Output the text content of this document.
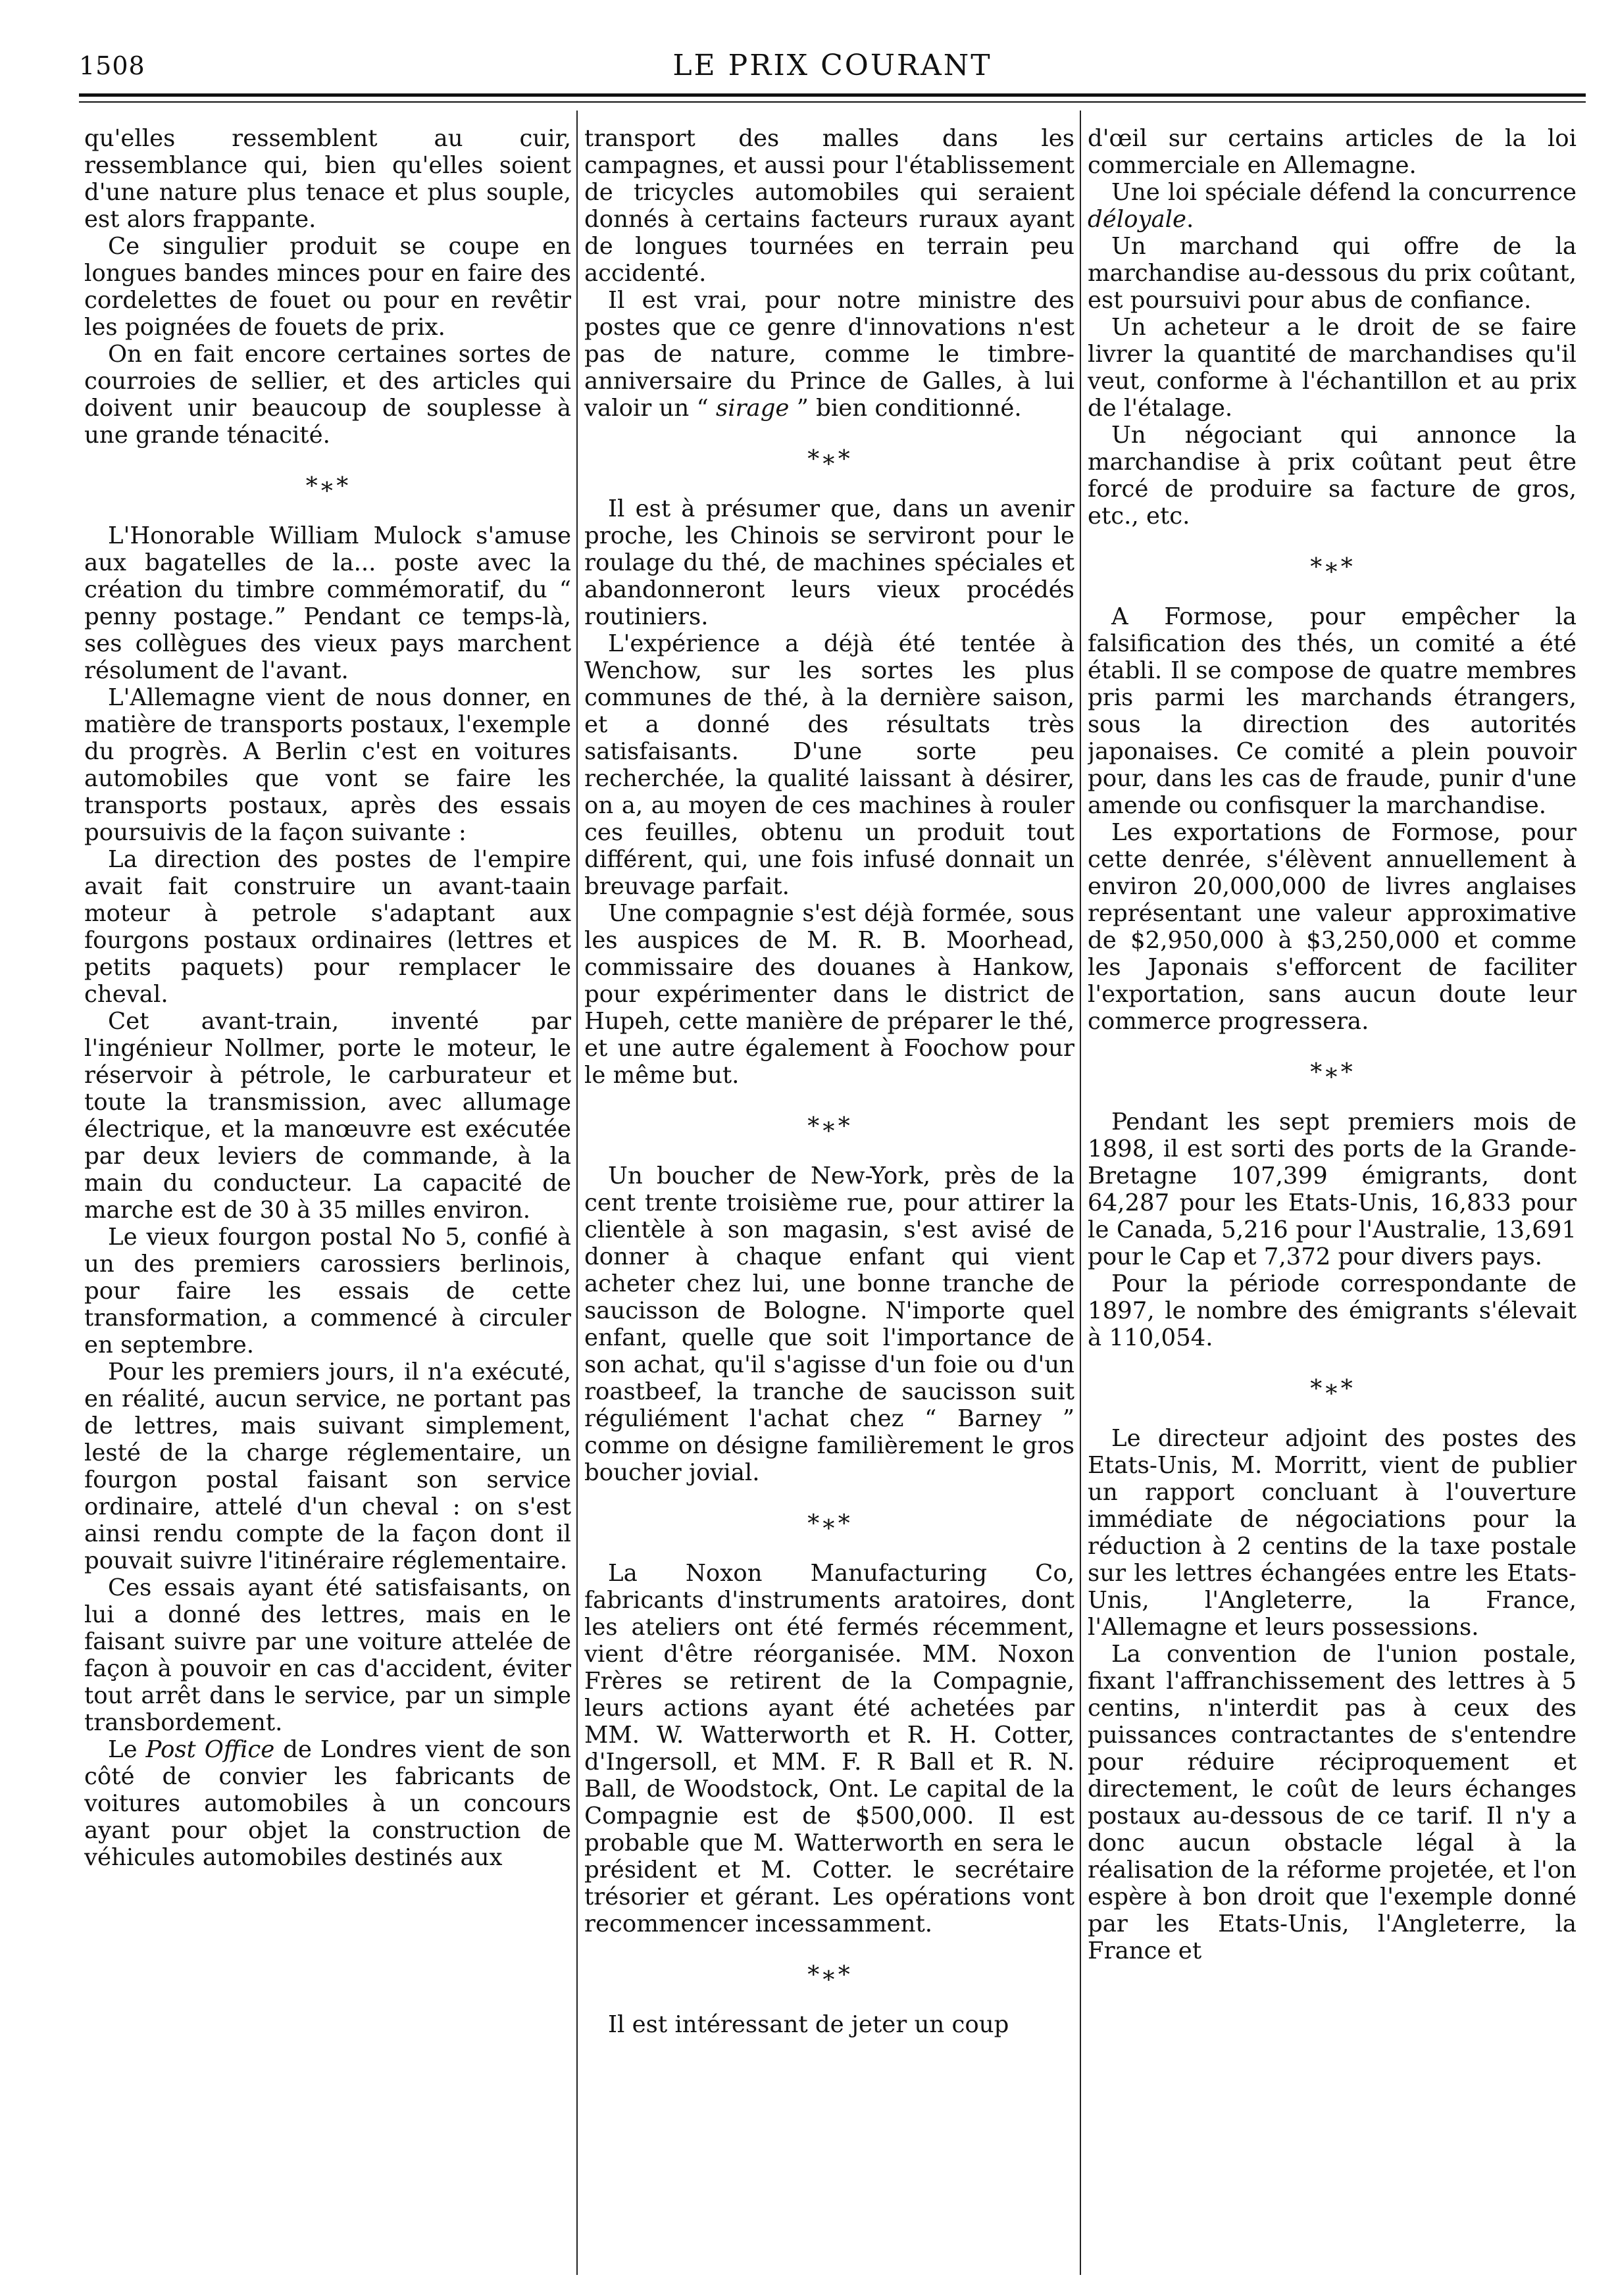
1508	LE PRIX COURANT

qu'elles ressemblent au cuir, ressemblance qui, bien qu'elles soient d'une nature plus tenace et plus souple, est alors frappante.

Ce singulier produit se coupe en longues bandes minces pour en faire des cordelettes de fouet ou pour en revêtir les poignées de fouets de prix.

On en fait encore certaines sortes de courroies de sellier, et des articles qui doivent unir beaucoup de souplesse à une grande ténacité.

*∗*

L'Honorable William Mulock s'amuse aux bagatelles de la... poste avec la création du timbre commémoratif, du “ penny postage.” Pendant ce temps-là, ses collègues des vieux pays marchent résolument de l'avant.

L'Allemagne vient de nous donner, en matière de transports postaux, l'exemple du progrès. A Berlin c'est en voitures automobiles que vont se faire les transports postaux, après des essais poursuivis de la façon suivante :

La direction des postes de l'empire avait fait construire un avant-taain moteur à petrole s'adaptant aux fourgons postaux ordinaires (lettres et petits paquets) pour remplacer le cheval.

Cet avant-train, inventé par l'ingénieur Nollmer, porte le moteur, le réservoir à pétrole, le carburateur et toute la transmission, avec allumage électrique, et la manœuvre est exécutée par deux leviers de commande, à la main du conducteur. La capacité de marche est de 30 à 35 milles environ.

Le vieux fourgon postal No 5, confié à un des premiers carossiers berlinois, pour faire les essais de cette transformation, a commencé à circuler en septembre.

Pour les premiers jours, il n'a exécuté, en réalité, aucun service, ne portant pas de lettres, mais suivant simplement, lesté de la charge réglementaire, un fourgon postal faisant son service ordinaire, attelé d'un cheval : on s'est ainsi rendu compte de la façon dont il pouvait suivre l'itinéraire réglementaire.

Ces essais ayant été satisfaisants, on lui a donné des lettres, mais en le faisant suivre par une voiture attelée de façon à pouvoir en cas d'accident, éviter tout arrêt dans le service, par un simple transbordement.

Le Post Office de Londres vient de son côté de convier les fabricants de voitures automobiles à un concours ayant pour objet la construction de véhicules automobiles destinés aux

transport des malles dans les campagnes, et aussi pour l'établissement de tricycles automobiles qui seraient donnés à certains facteurs ruraux ayant de longues tournées en terrain peu accidenté.

Il est vrai, pour notre ministre des postes que ce genre d'innovations n'est pas de nature, comme le timbre-anniversaire du Prince de Galles, à lui valoir un “ sirage ” bien conditionné.

*∗*

Il est à présumer que, dans un avenir proche, les Chinois se serviront pour le roulage du thé, de machines spéciales et abandonneront leurs vieux procédés routiniers.

L'expérience a déjà été tentée à Wenchow, sur les sortes les plus communes de thé, à la dernière saison, et a donné des résultats très satisfaisants. D'une sorte peu recherchée, la qualité laissant à désirer, on a, au moyen de ces machines à rouler ces feuilles, obtenu un produit tout différent, qui, une fois infusé donnait un breuvage parfait.

Une compagnie s'est déjà formée, sous les auspices de M. R. B. Moorhead, commissaire des douanes à Hankow, pour expérimenter dans le district de Hupeh, cette manière de préparer le thé, et une autre également à Foochow pour le même but.

*∗*

Un boucher de New-York, près de la cent trente troisième rue, pour attirer la clientèle à son magasin, s'est avisé de donner à chaque enfant qui vient acheter chez lui, une bonne tranche de saucisson de Bologne. N'importe quel enfant, quelle que soit l'importance de son achat, qu'il s'agisse d'un foie ou d'un roastbeef, la tranche de saucisson suit réguliément l'achat chez “ Barney ” comme on désigne familièrement le gros boucher jovial.

*∗*

La Noxon Manufacturing Co, fabricants d'instruments aratoires, dont les ateliers ont été fermés récemment, vient d'être réorganisée. MM. Noxon Frères se retirent de la Compagnie, leurs actions ayant été achetées par MM. W. Watterworth et R. H. Cotter, d'Ingersoll, et MM. F. R Ball et R. N. Ball, de Woodstock, Ont. Le capital de la Compagnie est de $500,000. Il est probable que M. Watterworth en sera le président et M. Cotter. le secrétaire trésorier et gérant. Les opérations vont recommencer incessamment.

*∗*

Il est intéressant de jeter un coup

d'œil sur certains articles de la loi commerciale en Allemagne.

Une loi spéciale défend la concurrence déloyale.

Un marchand qui offre de la marchandise au-dessous du prix coûtant, est poursuivi pour abus de confiance.

Un acheteur a le droit de se faire livrer la quantité de marchandises qu'il veut, conforme à l'échantillon et au prix de l'étalage.

Un négociant qui annonce la marchandise à prix coûtant peut être forcé de produire sa facture de gros, etc., etc.

*∗*

A Formose, pour empêcher la falsification des thés, un comité a été établi. Il se compose de quatre membres pris parmi les marchands étrangers, sous la direction des autorités japonaises. Ce comité a plein pouvoir pour, dans les cas de fraude, punir d'une amende ou confisquer la marchandise.

Les exportations de Formose, pour cette denrée, s'élèvent annuellement à environ 20,000,000 de livres anglaises représentant une valeur approximative de $2,950,000 à $3,250,000 et comme les Japonais s'efforcent de faciliter l'exportation, sans aucun doute leur commerce progressera.

*∗*

Pendant les sept premiers mois de 1898, il est sorti des ports de la Grande-Bretagne 107,399 émigrants, dont 64,287 pour les Etats-Unis, 16,833 pour le Canada, 5,216 pour l'Australie, 13,691 pour le Cap et 7,372 pour divers pays.

Pour la période correspondante de 1897, le nombre des émigrants s'élevait à 110,054.

*∗*

Le directeur adjoint des postes des Etats-Unis, M. Morritt, vient de publier un rapport concluant à l'ouverture immédiate de négociations pour la réduction à 2 centins de la taxe postale sur les lettres échangées entre les Etats-Unis, l'Angleterre, la France, l'Allemagne et leurs possessions.

La convention de l'union postale, fixant l'affranchissement des lettres à 5 centins, n'interdit pas à ceux des puissances contractantes de s'entendre pour réduire réciproquement et directement, le coût de leurs échanges postaux au-dessous de ce tarif. Il n'y a donc aucun obstacle légal à la réalisation de la réforme projetée, et l'on espère à bon droit que l'exemple donné par les Etats-Unis, l'Angleterre, la France et
